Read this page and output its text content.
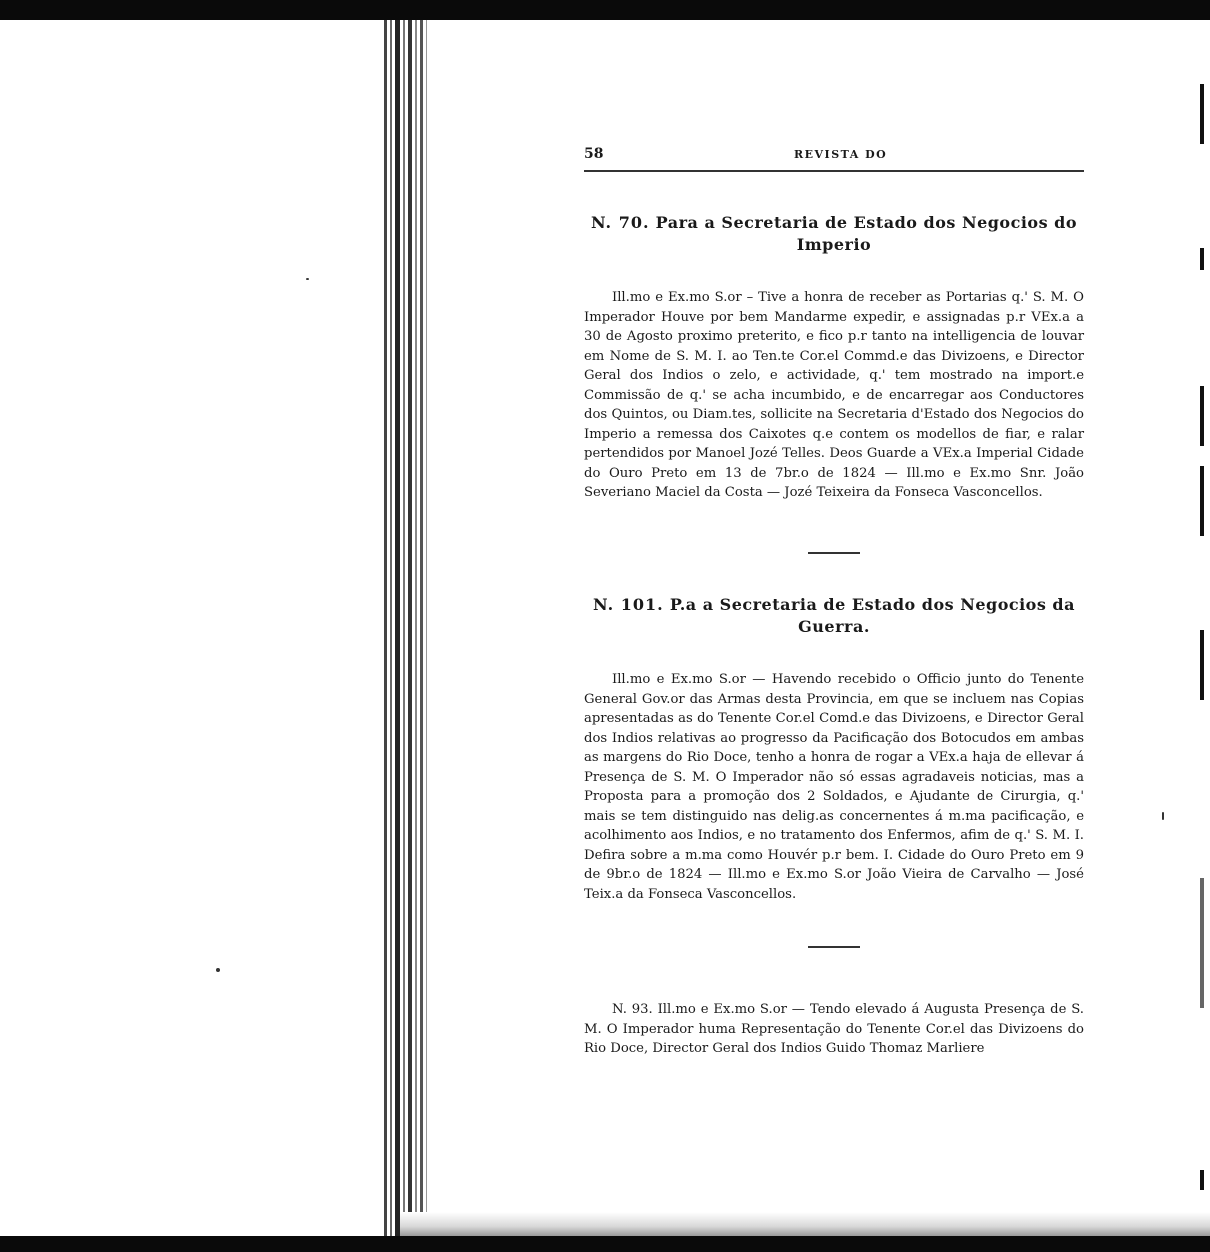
58	REVISTA DO
N. 70. Para a Secretaria de Estado dos Negocios do Imperio

Ill.mo e Ex.mo S.or – Tive a honra de receber as Portarias q.' S. M. O Imperador Houve por bem Mandarme expedir, e assignadas p.r VEx.a a 30 de Agosto proximo preterito, e fico p.r tanto na intelligencia de louvar em Nome de S. M. I. ao Ten.te Cor.el Commd.e das Divizoens, e Director Geral dos Indios o zelo, e actividade, q.' tem mostrado na import.e Commissão de q.' se acha incumbido, e de encarregar aos Conductores dos Quintos, ou Diam.tes, sollicite na Secretaria d'Estado dos Negocios do Imperio a remessa dos Caixotes q.e contem os modellos de fiar, e ralar pertendidos por Manoel Jozé Telles. Deos Guarde a VEx.a Imperial Cidade do Ouro Preto em 13 de 7br.o de 1824 — Ill.mo e Ex.mo Snr. João Severiano Maciel da Costa — Jozé Teixeira da Fonseca Vasconcellos.

N. 101. P.a a Secretaria de Estado dos Negocios da Guerra.

Ill.mo e Ex.mo S.or — Havendo recebido o Officio junto do Tenente General Gov.or das Armas desta Provincia, em que se incluem nas Copias apresentadas as do Tenente Cor.el Comd.e das Divizoens, e Director Geral dos Indios relativas ao progresso da Pacificação dos Botocudos em ambas as margens do Rio Doce, tenho a honra de rogar a VEx.a haja de ellevar á Presença de S. M. O Imperador não só essas agradaveis noticias, mas a Proposta para a promoção dos 2 Soldados, e Ajudante de Cirurgia, q.' mais se tem distinguido nas delig.as concernentes á m.ma pacificação, e acolhimento aos Indios, e no tratamento dos Enfermos, afim de q.' S. M. I. Defira sobre a m.ma como Houvér p.r bem. I. Cidade do Ouro Preto em 9 de 9br.o de 1824 — Ill.mo e Ex.mo S.or João Vieira de Carvalho — José Teix.a da Fonseca Vasconcellos.

N. 93. Ill.mo e Ex.mo S.or — Tendo elevado á Augusta Presença de S. M. O Imperador huma Representação do Tenente Cor.el das Divizoens do Rio Doce, Director Geral dos Indios Guido Thomaz Marliere
